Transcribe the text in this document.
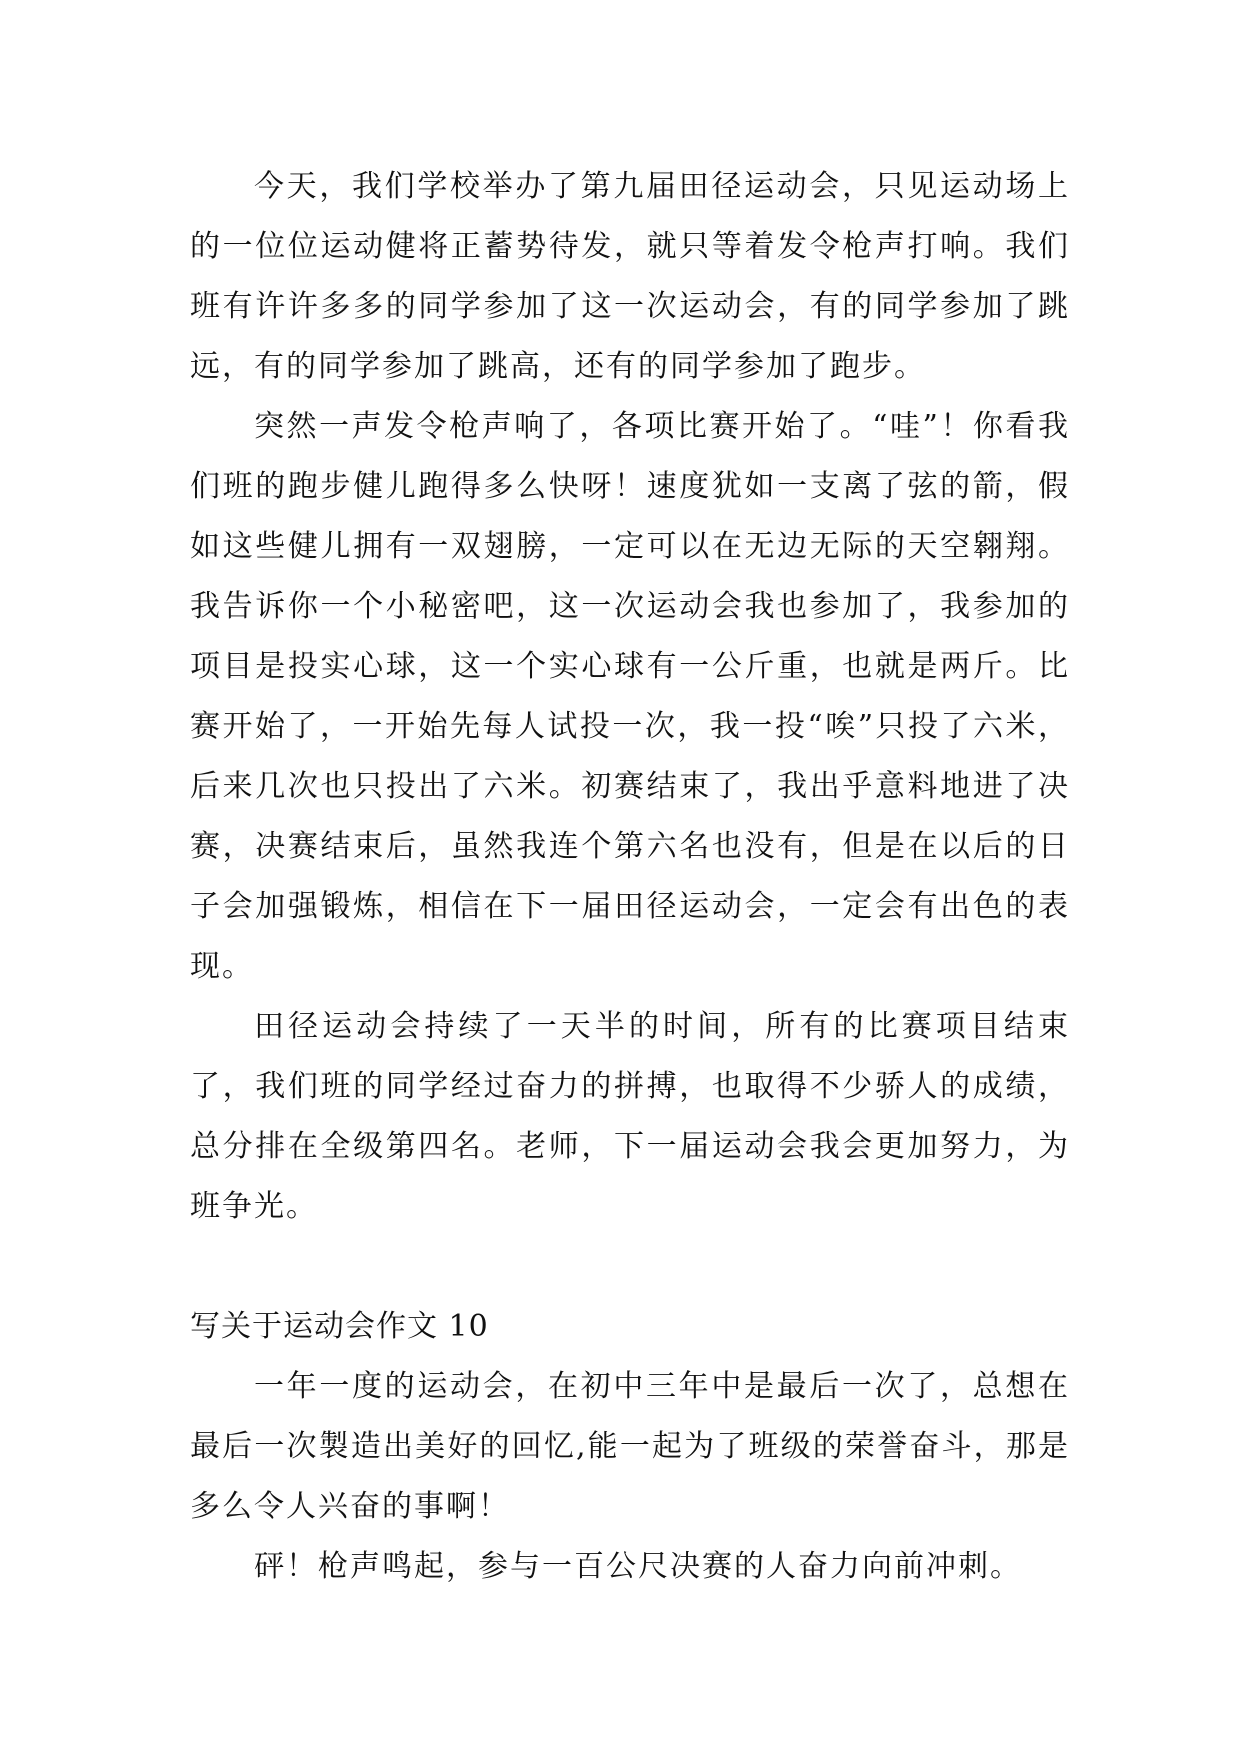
今天，我们学校举办了第九届田径运动会，只见运动场上的一位位运动健将正蓄势待发，就只等着发令枪声打响。我们班有许许多多的同学参加了这一次运动会，有的同学参加了跳远，有的同学参加了跳高，还有的同学参加了跑步。

突然一声发令枪声响了，各项比赛开始了。“哇”！你看我们班的跑步健儿跑得多么快呀！速度犹如一支离了弦的箭，假如这些健儿拥有一双翅膀，一定可以在无边无际的天空翱翔。我告诉你一个小秘密吧，这一次运动会我也参加了，我参加的项目是投实心球，这一个实心球有一公斤重，也就是两斤。比赛开始了，一开始先每人试投一次，我一投“唉”只投了六米，后来几次也只投出了六米。初赛结束了，我出乎意料地进了决赛，决赛结束后，虽然我连个第六名也没有，但是在以后的日子会加强锻炼，相信在下一届田径运动会，一定会有出色的表现。

田径运动会持续了一天半的时间，所有的比赛项目结束了，我们班的同学经过奋力的拼搏，也取得不少骄人的成绩，总分排在全级第四名。老师，下一届运动会我会更加努力，为班争光。

写关于运动会作文 10

一年一度的运动会，在初中三年中是最后一次了，总想在最后一次製造出美好的回忆,能一起为了班级的荣誉奋斗，那是多么令人兴奋的事啊！

砰！枪声鸣起，参与一百公尺决赛的人奋力向前冲刺。
